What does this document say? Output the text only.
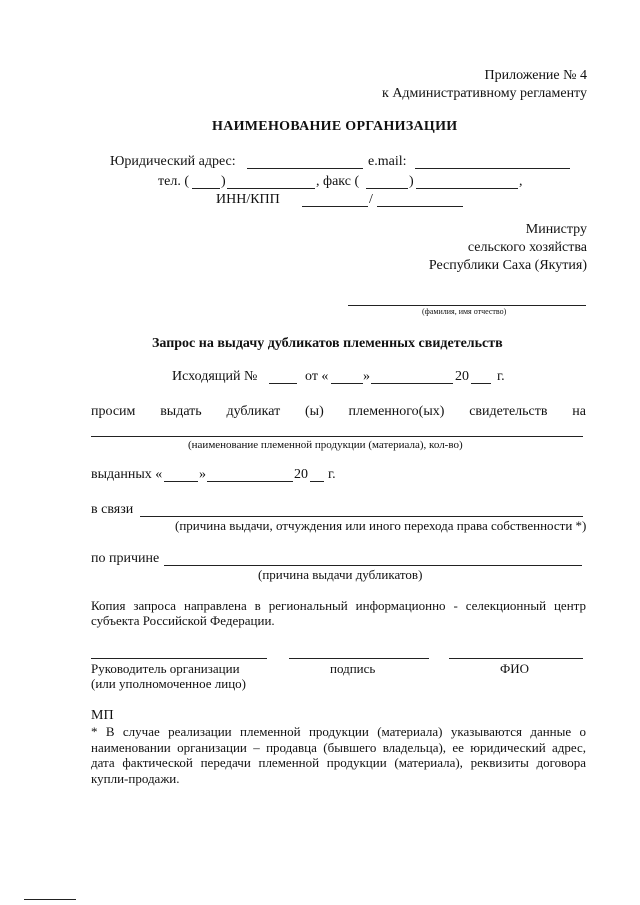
Приложение № 4
к Административному регламенту
НАИМЕНОВАНИЕ ОРГАНИЗАЦИИ
Юридический адрес:	e.mail:
тел. ( )	, факс (	)	,
ИНН/КПП	/
Министру
сельского хозяйства
Республики Саха (Якутия)
(фамилия, имя отчество)
Запрос на выдачу дубликатов племенных свидетельств
Исходящий №	от « »	20 г.
просим выдать дубликат (ы) племенного(ых) свидетельств на
(наименование племенной продукции (материала), кол-во)
выданных «	»	20 г.
в связи
(причина выдачи, отчуждения или иного перехода права собственности *)
по причине
(причина выдачи дубликатов)
Копия запроса направлена в региональный информационно - селекционный центр
субъекта Российской Федерации.
Руководитель организации
(или уполномоченное лицо)
подпись	ФИО
МП
* В случае реализации племенной продукции (материала) указываются данные о наименовании организации – продавца (бывшего владельца), ее юридический адрес, дата фактической передачи племенной продукции (материала), реквизиты договора купли-продажи.
